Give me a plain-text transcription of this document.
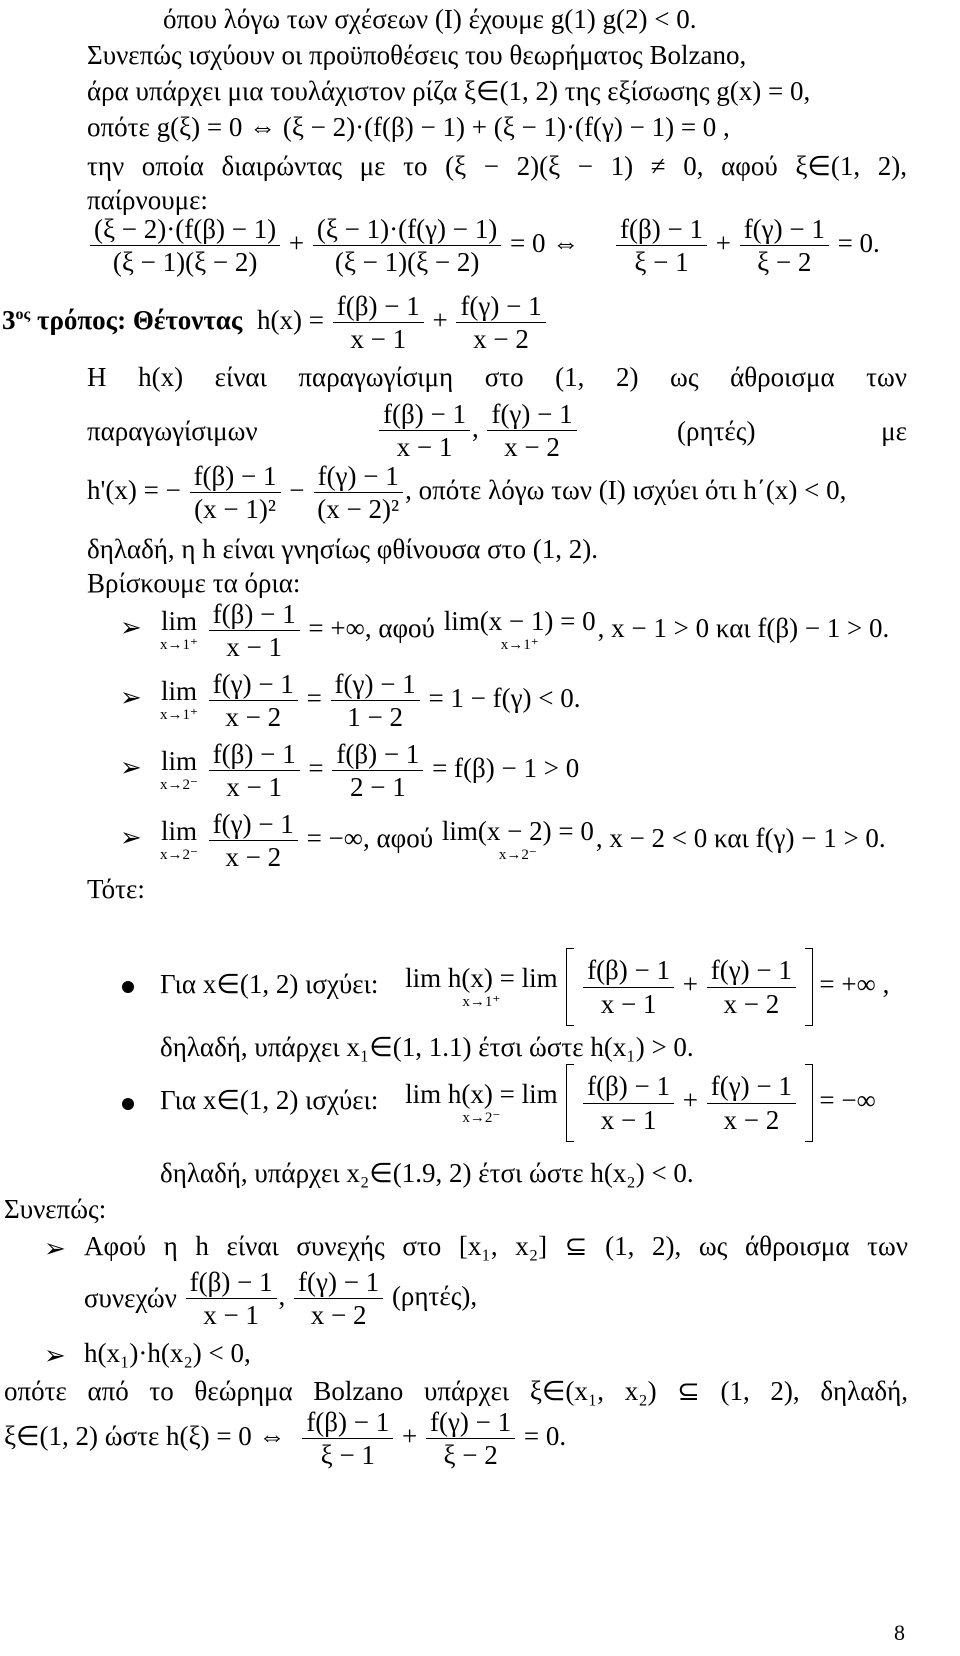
όπου λόγω των σχέσεων (Ι) έχουμε g(1) g(2) < 0.
Συνεπώς ισχύουν οι προϋποθέσεις του θεωρήματος Bolzano,
άρα υπάρχει μια τουλάχιστον ρίζα ξ∈(1, 2) της εξίσωσης g(x) = 0,
οπότε g(ξ) = 0 ⇔ (ξ − 2)·(f(β) − 1) + (ξ − 1)·(f(γ) − 1) = 0 ,
την οποία διαιρώντας με το (ξ − 2)(ξ − 1) ≠ 0, αφού ξ∈(1, 2),
παίρνουμε:
$\frac{(\xi - 2)\cdot(f(\beta) - 1)}{(\xi - 1)(\xi - 2)} + \frac{(\xi - 1)\cdot(f(\gamma) - 1)}{(\xi - 1)(\xi - 2)} = 0$ ⇔ $\frac{f(\beta) - 1}{\xi - 1} + \frac{f(\gamma) - 1}{\xi - 2} = 0$.
$3^{o\varsigma}$ τρόπος: Θέτοντας $h(x) = \frac{f(\beta) - 1}{x - 1} + \frac{f(\gamma) - 1}{x - 2}$
Η h(x) είναι παραγωγίσιμη στο (1, 2) ως άθροισμα των
παραγωγίσιμων	$\frac{f(\beta) - 1}{x - 1}$ , $\frac{f(\gamma) - 1}{x - 2}$	(ρητές)	με
h'(x) = − $\frac{f(\beta) - 1}{\text{(x − 1)²}} - \frac{f(\gamma) - 1}{\text{(x − 2)²}}$ , οπότε λόγω των (Ι) ισχύει ότι h΄(x) < 0,
δηλαδή, η h είναι γνησίως φθίνουσα στο (1, 2).
Βρίσκουμε τα όρια:
➢ lim
x→1⁺
$\frac{f(\beta) - 1}{x - 1}$ = +∞, αφού lim(x − 1) = 0
x→1⁺
, x − 1 > 0 και f(β) − 1 > 0.
➢ lim
x→1⁺
$\frac{f(\gamma) - 1}{x - 2} = \frac{f(\gamma) - 1}{1 - 2} = 1 - f(\gamma) < 0$.
➢ lim
x→2⁻
$\frac{f(\beta) - 1}{x - 1} = \frac{f(\beta) - 1}{2 - 1} = f(\beta) - 1 > 0$
➢ lim
x→2⁻
$\frac{f(\gamma) - 1}{x - 2}$ = −∞, αφού lim(x − 2) = 0
x→2⁻
, x − 2 < 0 και f(γ) − 1 > 0.
Τότε:
Για x∈(1, 2) ισχύει: lim h(x) = lim
x→1⁺
	$\frac{f(\beta) - 1}{x - 1} + \frac{f(\gamma) - 1}{x - 2}$ = +∞ ,
δηλαδή, υπάρχει x₁∈(1, 1.1) έτσι ώστε h(x₁) > 0.
Για x∈(1, 2) ισχύει: lim h(x) = lim
x→2⁻
	$\frac{f(\beta) - 1}{x - 1} + \frac{f(\gamma) - 1}{x - 2}$ = −∞
δηλαδή, υπάρχει x₂∈(1.9, 2) έτσι ώστε h(x₂) < 0.
Συνεπώς:
➢ Αφού η h είναι συνεχής στο [x₁, x₂] ⊆ (1, 2), ως άθροισμα των
συνεχών $\frac{f(\beta) - 1}{x - 1}$ , $\frac{f(\gamma) - 1}{x - 2} (\rho\eta\tau έ\varsigma)$,
➢ h(x₁)·h(x₂) < 0,
οπότε από το θεώρημα Bolzano υπάρχει ξ∈(x₁, x₂) ⊆ (1, 2), δηλαδή,
ξ∈(1, 2) ώστε h(ξ) = 0 ⇔ $\frac{f(\beta) - 1}{\xi - 1} + \frac{f(\gamma) - 1}{\xi - 2} = 0$.
8
